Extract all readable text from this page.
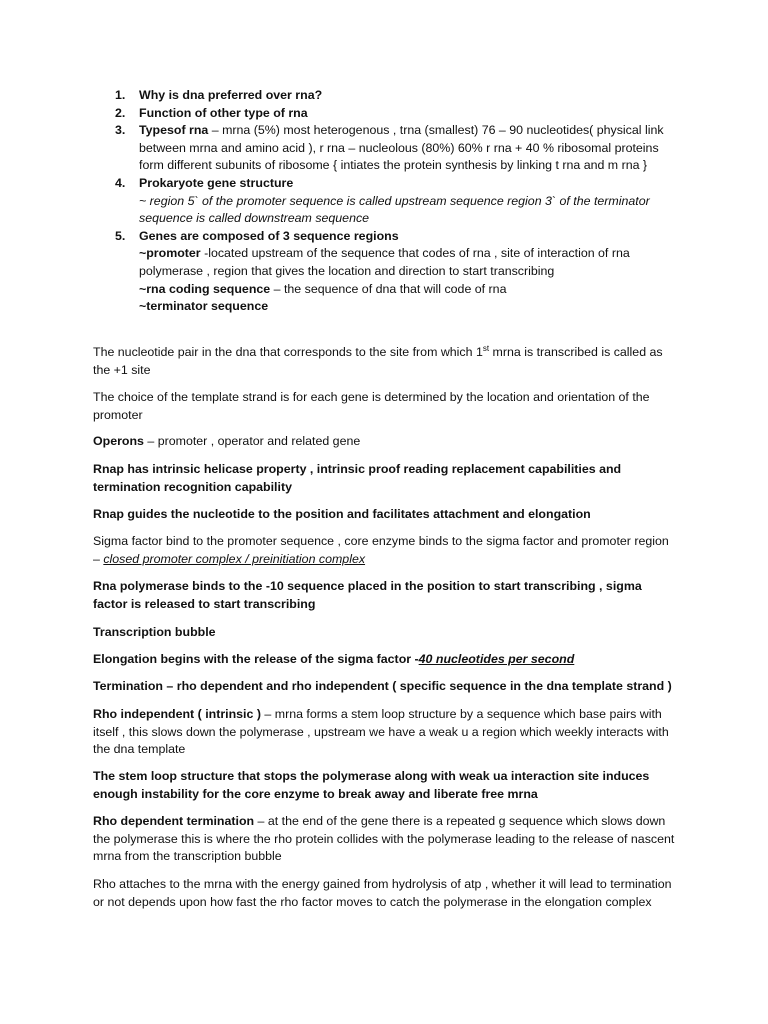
1. Why is dna preferred over rna?
2. Function of other type of rna
3. Typesof rna – mrna (5%) most heterogenous , trna (smallest) 76 – 90 nucleotides( physical link between mrna and amino acid ), r rna – nucleolous (80%) 60% r rna + 40 % ribosomal proteins form different subunits of ribosome { intiates the protein synthesis by linking t rna and m rna }
4. Prokaryote gene structure
~ region 5` of the promoter sequence is called upstream sequence region 3` of the terminator sequence is called downstream sequence
5. Genes are composed of 3 sequence regions
~promoter -located upstream of the sequence that codes of rna , site of interaction of rna polymerase , region that gives the location and direction to start transcribing
~rna coding sequence – the sequence of dna that will code of rna
~terminator sequence

The nucleotide pair in the dna that corresponds to the site from which 1st mrna is transcribed is called as the +1 site

The choice of the template strand is for each gene is determined by the location and orientation of the promoter

Operons – promoter , operator and related gene

Rnap has intrinsic helicase property , intrinsic proof reading replacement capabilities and termination recognition capability

Rnap guides the nucleotide to the position and facilitates attachment and elongation

Sigma factor bind to the promoter sequence , core enzyme binds to the sigma factor and promoter region – closed promoter complex / preinitiation complex

Rna polymerase binds to the -10 sequence placed in the position to start transcribing , sigma factor is released to start transcribing

Transcription bubble

Elongation begins with the release of the sigma factor -40 nucleotides per second

Termination – rho dependent and rho independent ( specific sequence in the dna template strand )

Rho independent ( intrinsic ) – mrna forms a stem loop structure by a sequence which base pairs with itself , this slows down the polymerase , upstream we have a weak u a region which weekly interacts with the dna template

The stem loop structure that stops the polymerase along with weak ua interaction site induces enough instability for the core enzyme to break away and liberate free mrna

Rho dependent termination – at the end of the gene there is a repeated g sequence which slows down the polymerase this is where the rho protein collides with the polymerase leading to the release of nascent mrna from the transcription bubble

Rho attaches to the mrna with the energy gained from hydrolysis of atp , whether it will lead to termination or not depends upon how fast the rho factor moves to catch the polymerase in the elongation complex
